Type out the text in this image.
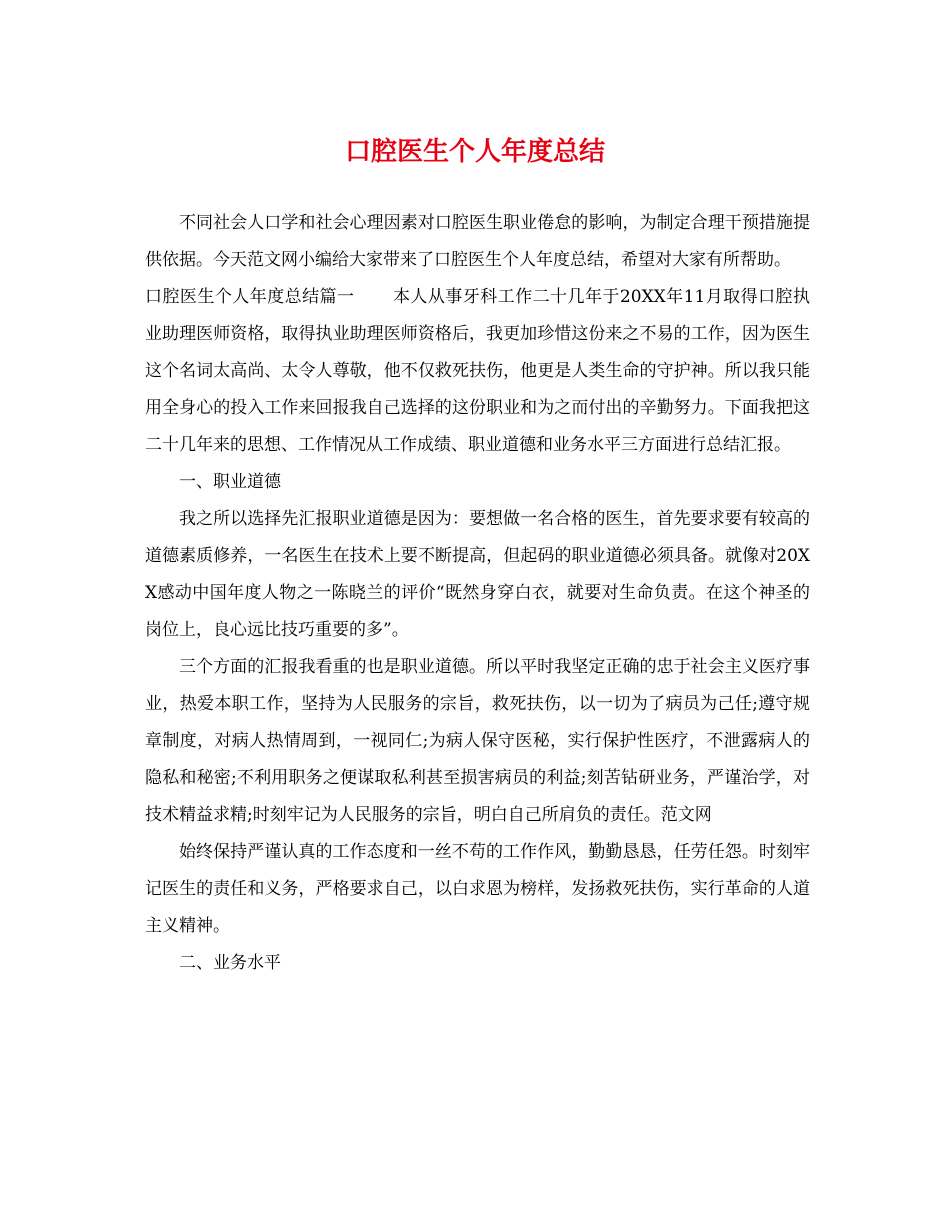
口腔医生个人年度总结

不同社会人口学和社会心理因素对口腔医生职业倦怠的影响，为制定合理干预措施提供依据。今天范文网小编给大家带来了口腔医生个人年度总结，希望对大家有所帮助。

口腔医生个人年度总结篇一 本人从事牙科工作二十几年于20XX年11月取得口腔执业助理医师资格，取得执业助理医师资格后，我更加珍惜这份来之不易的工作，因为医生这个名词太高尚、太令人尊敬，他不仅救死扶伤，他更是人类生命的守护神。所以我只能用全身心的投入工作来回报我自己选择的这份职业和为之而付出的辛勤努力。下面我把这二十几年来的思想、工作情况从工作成绩、职业道德和业务水平三方面进行总结汇报。

一、职业道德

我之所以选择先汇报职业道德是因为：要想做一名合格的医生，首先要求要有较高的道德素质修养，一名医生在技术上要不断提高，但起码的职业道德必须具备。就像对20XX感动中国年度人物之一陈晓兰的评价“既然身穿白衣，就要对生命负责。在这个神圣的岗位上，良心远比技巧重要的多”。

三个方面的汇报我看重的也是职业道德。所以平时我坚定正确的忠于社会主义医疗事业，热爱本职工作，坚持为人民服务的宗旨，救死扶伤，以一切为了病员为己任;遵守规章制度，对病人热情周到，一视同仁;为病人保守医秘，实行保护性医疗，不泄露病人的隐私和秘密;不利用职务之便谋取私利甚至损害病员的利益;刻苦钻研业务，严谨治学，对技术精益求精;时刻牢记为人民服务的宗旨，明白自己所肩负的责任。范文网

始终保持严谨认真的工作态度和一丝不苟的工作作风，勤勤恳恳，任劳任怨。时刻牢记医生的责任和义务，严格要求自己，以白求恩为榜样，发扬救死扶伤，实行革命的人道主义精神。

二、业务水平
